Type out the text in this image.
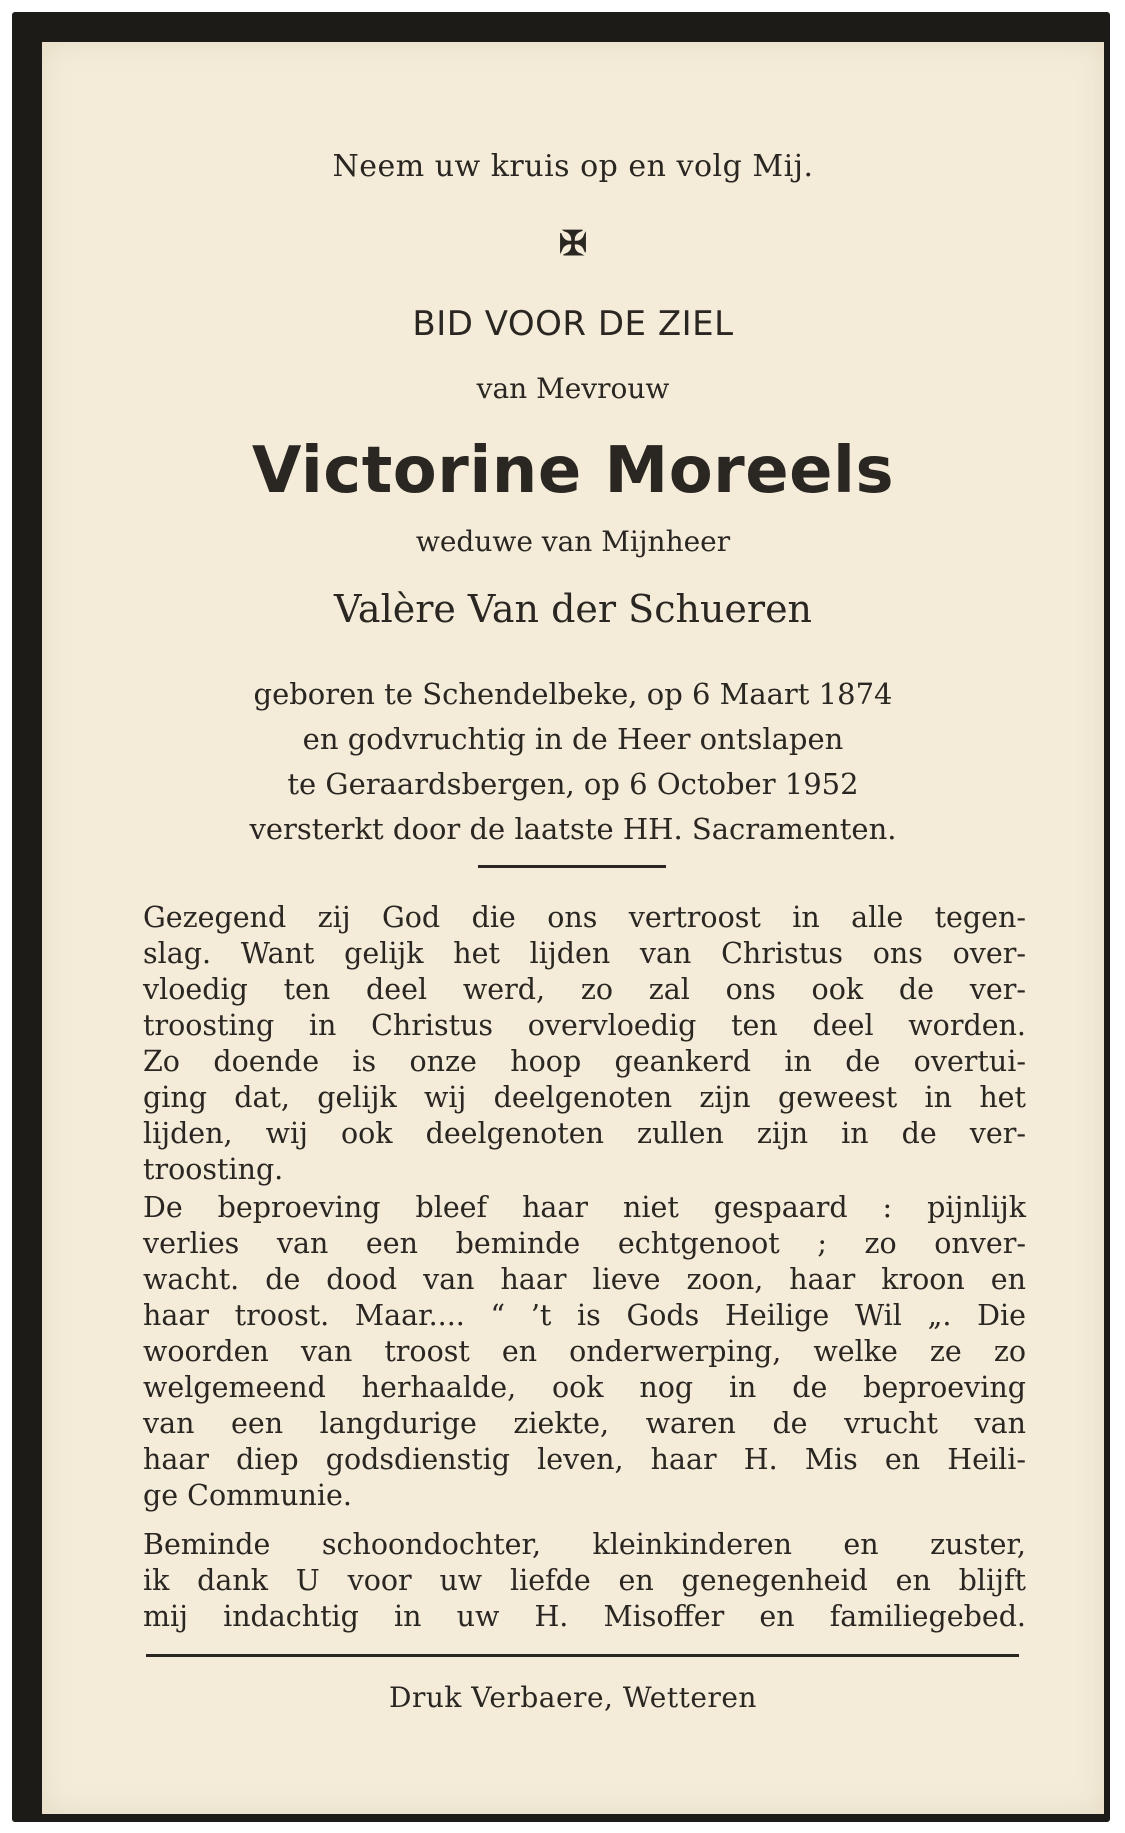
Neem uw kruis op en volg Mij.
✠
BID VOOR DE ZIEL
van Mevrouw
Victorine Moreels
weduwe van Mijnheer
Valère Van der Schueren
geboren te Schendelbeke, op 6 Maart 1874
en godvruchtig in de Heer ontslapen
te Geraardsbergen, op 6 October 1952
versterkt door de laatste HH. Sacramenten.
Gezegend zij God die ons vertroost in alle tegen-
slag. Want gelijk het lijden van Christus ons over-
vloedig ten deel werd, zo zal ons ook de ver-
troosting in Christus overvloedig ten deel worden.
Zo doende is onze hoop geankerd in de overtui-
ging dat, gelijk wij deelgenoten zijn geweest in het
lijden, wij ook deelgenoten zullen zijn in de ver-
troosting.
De beproeving bleef haar niet gespaard : pijnlijk
verlies van een beminde echtgenoot ; zo onver-
wacht. de dood van haar lieve zoon, haar kroon en
haar troost. Maar.... “ ’t is Gods Heilige Wil „. Die
woorden van troost en onderwerping, welke ze zo
welgemeend herhaalde, ook nog in de beproeving
van een langdurige ziekte, waren de vrucht van
haar diep godsdienstig leven, haar H. Mis en Heili-
ge Communie.
Beminde schoondochter, kleinkinderen en zuster,
ik dank U voor uw liefde en genegenheid en blijft
mij indachtig in uw H. Misoffer en familiegebed.
Druk Verbaere, Wetteren
